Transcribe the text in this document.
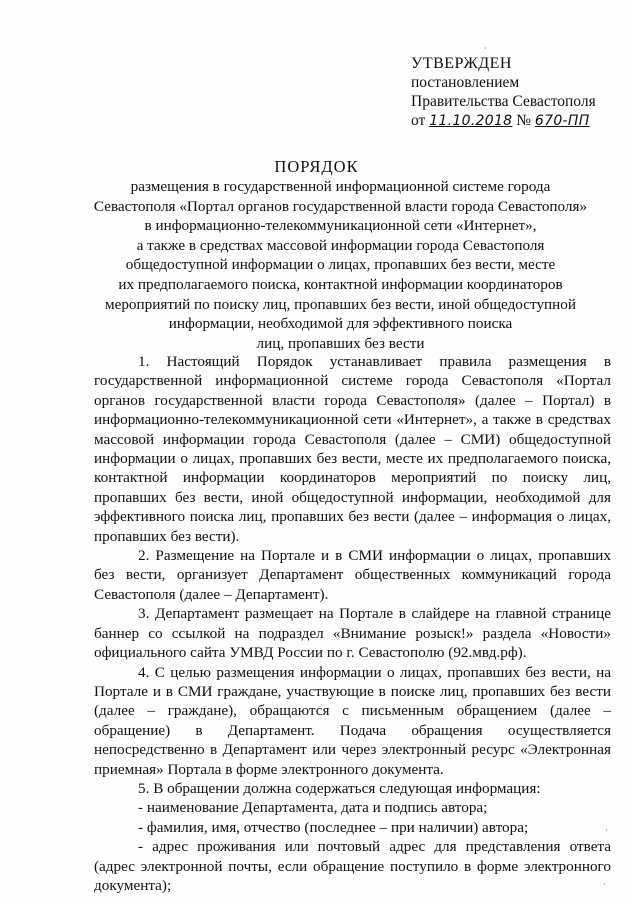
УТВЕРЖДЕН
постановлением
Правительства Севастополя
от 11.10.2018 № 670-ПП
ПОРЯДОК
размещения в государственной информационной системе города
Севастополя «Портал органов государственной власти города Севастополя»
в информационно-телекоммуникационной сети «Интернет»,
а также в средствах массовой информации города Севастополя
общедоступной информации о лицах, пропавших без вести, месте
их предполагаемого поиска, контактной информации координаторов
мероприятий по поиску лиц, пропавших без вести, иной общедоступной
информации, необходимой для эффективного поиска
лиц, пропавших без вести

1. Настоящий Порядок устанавливает правила размещения в государственной информационной системе города Севастополя «Портал органов государственной власти города Севастополя» (далее – Портал) в информационно-телекоммуникационной сети «Интернет», а также в средствах массовой информации города Севастополя (далее – СМИ) общедоступной информации о лицах, пропавших без вести, месте их предполагаемого поиска, контактной информации координаторов мероприятий по поиску лиц, пропавших без вести, иной общедоступной информации, необходимой для эффективного поиска лиц, пропавших без вести (далее – информация о лицах, пропавших без вести).

2. Размещение на Портале и в СМИ информации о лицах, пропавших без вести, организует Департамент общественных коммуникаций города Севастополя (далее – Департамент).

3. Департамент размещает на Портале в слайдере на главной странице баннер со ссылкой на подраздел «Внимание розыск!» раздела «Новости» официального сайта УМВД России по г. Севастополю (92.мвд.рф).

4. С целью размещения информации о лицах, пропавших без вести, на Портале и в СМИ граждане, участвующие в поиске лиц, пропавших без вести (далее – граждане), обращаются с письменным обращением (далее – обращение) в Департамент. Подача обращения осуществляется непосредственно в Департамент или через электронный ресурс «Электронная приемная» Портала в форме электронного документа.

5. В обращении должна содержаться следующая информация:

- наименование Департамента, дата и подпись автора;

- фамилия, имя, отчество (последнее – при наличии) автора;

- адрес проживания или почтовый адрес для представления ответа (адрес электронной почты, если обращение поступило в форме электронного документа);

·
·
·
